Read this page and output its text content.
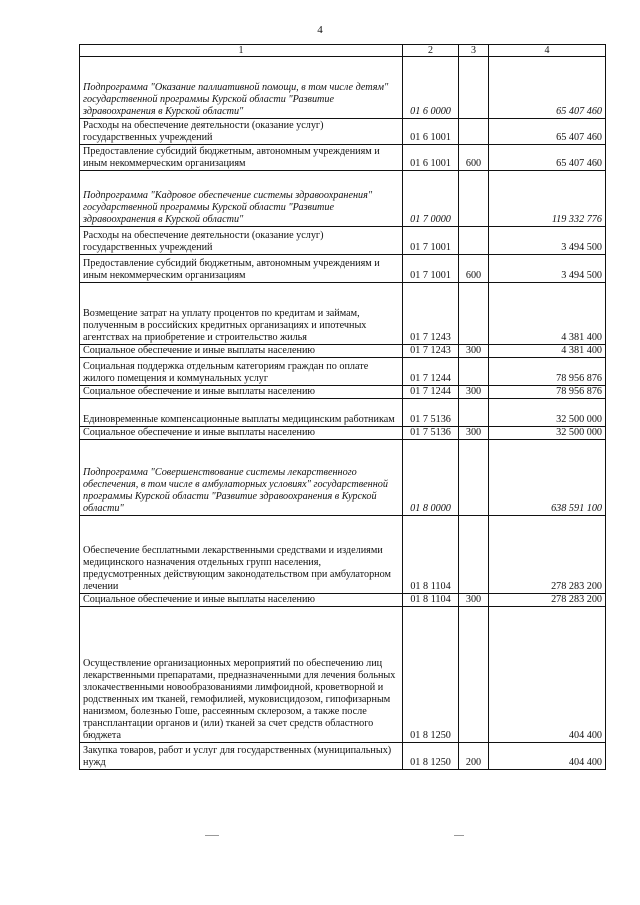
4
1	2	3	4
Подпрограмма "Оказание паллиативной помощи, в том числе детям" государственной программы Курской области "Развитие здравоохранения в Курской области"	01 6 0000		65 407 460
Расходы на обеспечение деятельности (оказание услуг) государственных учреждений	01 6 1001		65 407 460
Предоставление субсидий бюджетным, автономным учреждениям и иным некоммерческим организациям	01 6 1001	600	65 407 460
Подпрограмма "Кадровое обеспечение системы здравоохранения" государственной программы Курской области "Развитие здравоохранения в Курской области"	01 7 0000		119 332 776
Расходы на обеспечение деятельности (оказание услуг) государственных учреждений	01 7 1001		3 494 500
Предоставление субсидий бюджетным, автономным учреждениям и иным некоммерческим организациям	01 7 1001	600	3 494 500
Возмещение затрат на уплату процентов по кредитам и займам, полученным в российских кредитных организациях и ипотечных агентствах на приобретение и строительство жилья	01 7 1243		4 381 400
Социальное обеспечение и иные выплаты населению	01 7 1243	300	4 381 400
Социальная поддержка отдельным категориям граждан по оплате жилого помещения и коммунальных услуг	01 7 1244		78 956 876
Социальное обеспечение и иные выплаты населению	01 7 1244	300	78 956 876
Единовременные компенсационные выплаты медицинским работникам	01 7 5136		32 500 000
Социальное обеспечение и иные выплаты населению	01 7 5136	300	32 500 000
Подпрограмма "Совершенствование системы лекарственного обеспечения, в том числе в амбулаторных условиях" государственной программы Курской области "Развитие здравоохранения в Курской области"	01 8 0000		638 591 100
Обеспечение бесплатными лекарственными средствами и изделиями медицинского назначения отдельных групп населения, предусмотренных действующим законодательством при амбулаторном лечении	01 8 1104		278 283 200
Социальное обеспечение и иные выплаты населению	01 8 1104	300	278 283 200
Осуществление организационных мероприятий по обеспечению лиц лекарственными препаратами, предназначенными для лечения больных злокачественными новообразованиями лимфоидной, кроветворной и родственных им тканей, гемофилией, муковисцидозом, гипофизарным нанизмом, болезнью Гоше, рассеянным склерозом, а также после трансплантации органов и (или) тканей за счет средств областного бюджета	01 8 1250		404 400
Закупка товаров, работ и услуг для государственных (муниципальных) нужд	01 8 1250	200	404 400
